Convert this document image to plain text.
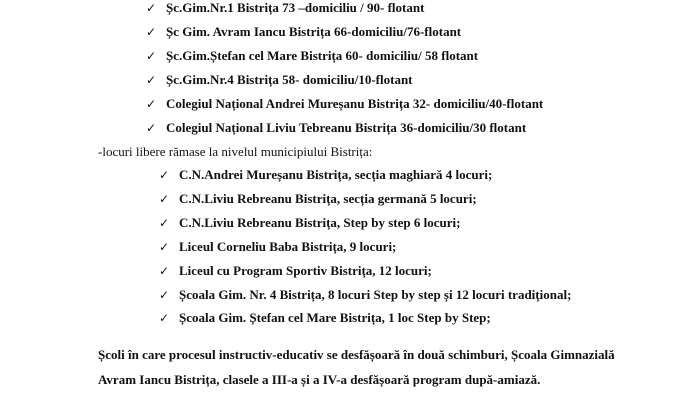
✓ Șc.Gim.Nr.1 Bistrița 73 –domiciliu / 90- flotant
✓ Șc Gim. Avram Iancu Bistrița 66-domiciliu/76-flotant
✓ Șc.Gim.Ștefan cel Mare Bistrița 60- domiciliu/ 58 flotant
✓ Șc.Gim.Nr.4 Bistrița 58- domiciliu/10-flotant
✓ Colegiul Național Andrei Mureșanu Bistrița 32- domiciliu/40-flotant
✓ Colegiul Național Liviu Tebreanu Bistrița 36-domiciliu/30 flotant
-locuri libere rămase la nivelul municipiului Bistrița:
✓ C.N.Andrei Mureșanu Bistrița, secția maghiară 4 locuri;
✓ C.N.Liviu Rebreanu Bistrița, secția germană 5 locuri;
✓ C.N.Liviu Rebreanu Bistrița, Step by step 6 locuri;
✓ Liceul Corneliu Baba Bistrița, 9 locuri;
✓ Liceul cu Program Sportiv Bistrița, 12 locuri;
✓ Școala Gim. Nr. 4 Bistrița, 8 locuri Step by step și 12 locuri tradițional;
✓ Școala Gim. Ștefan cel Mare Bistrița, 1 loc Step by Step;
Școli în care procesul instructiv-educativ se desfășoară în două schimburi, Școala Gimnazială
Avram Iancu Bistrița, clasele a III-a și a IV-a desfășoară program după-amiază.
